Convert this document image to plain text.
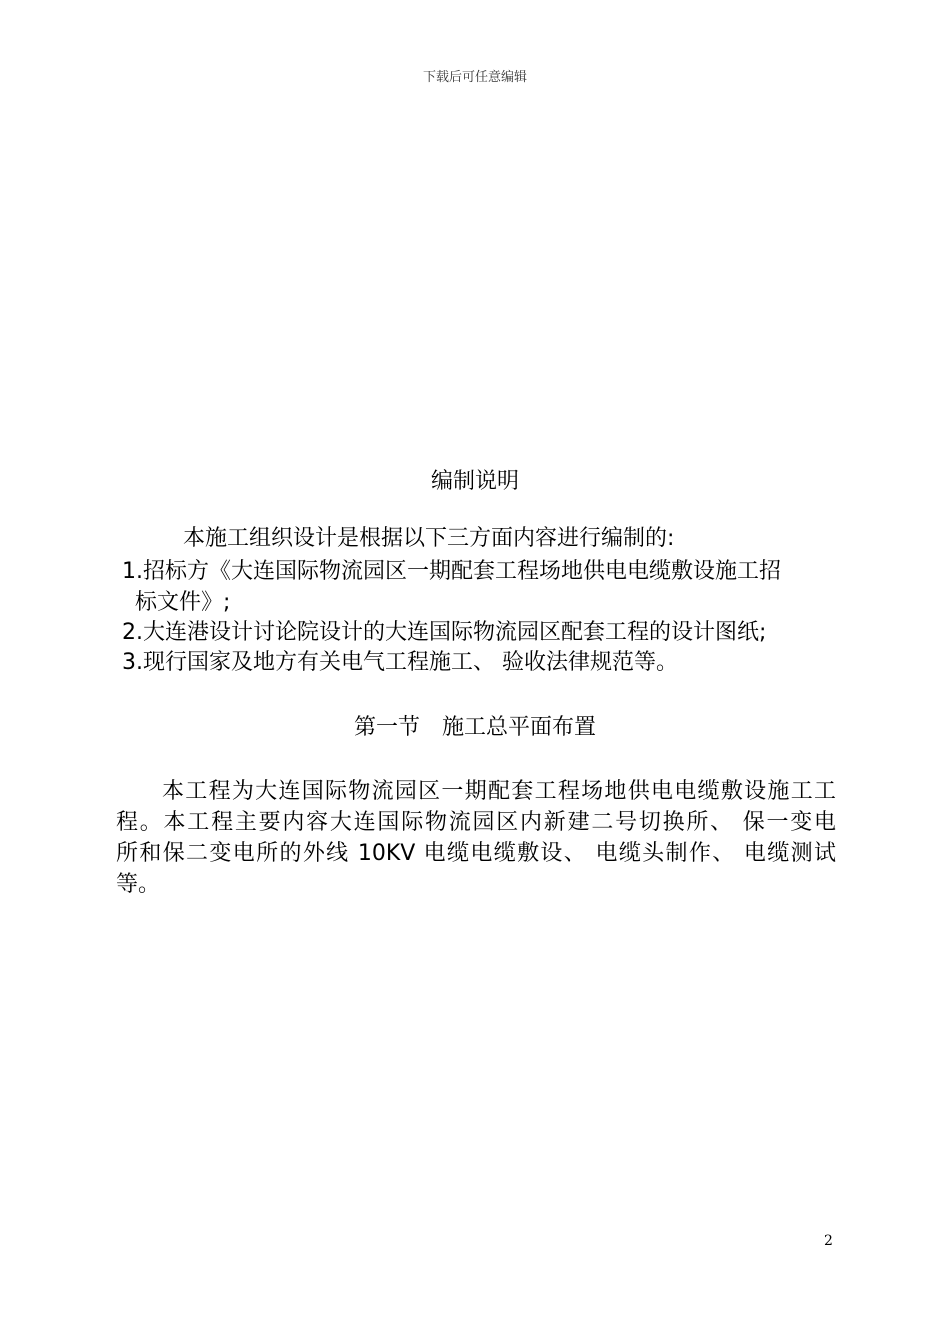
下载后可任意编辑
编制说明
本施工组织设计是根据以下三方面内容进行编制的:
1.招标方《大连国际物流园区一期配套工程场地供电电缆敷设施工招
标文件》;
2.大连港设计讨论院设计的大连国际物流园区配套工程的设计图纸;
3.现行国家及地方有关电气工程施工、 验收法律规范等。
第一节　施工总平面布置
本工程为大连国际物流园区一期配套工程场地供电电缆敷设施工工
程。本工程主要内容大连国际物流园区内新建二号切换所、 保一变电
所和保二变电所的外线 10KV 电缆电缆敷设、 电缆头制作、 电缆测试
等。
2
